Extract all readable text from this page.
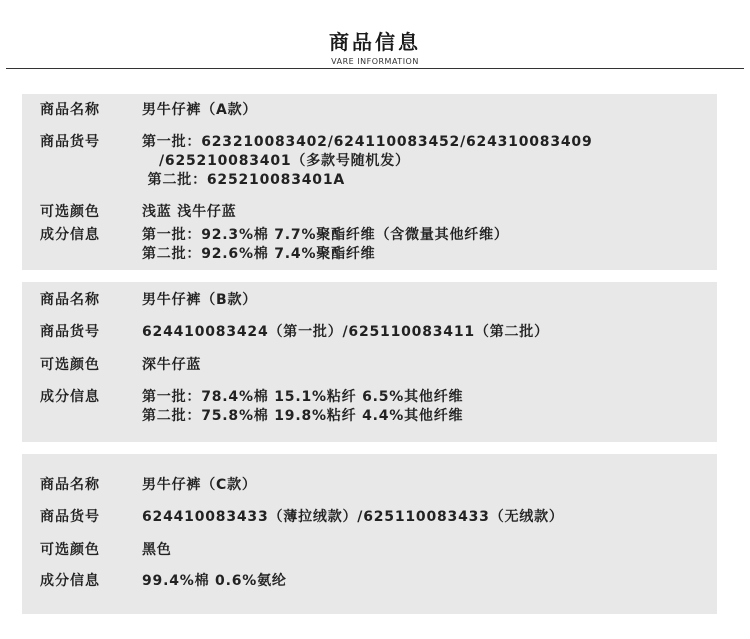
商品信息
VARE INFORMATION
商品名称	男牛仔裤（A款）
商品货号	第一批：623210083402/624110083452/624310083409
/625210083401（多款号随机发）
第二批：625210083401A
可选颜色	浅蓝 浅牛仔蓝
成分信息	第一批：92.3%棉 7.7%聚酯纤维（含微量其他纤维）
第二批：92.6%棉 7.4%聚酯纤维
商品名称	男牛仔裤（B款）
商品货号	624410083424（第一批）/625110083411（第二批）
可选颜色	深牛仔蓝
成分信息	第一批：78.4%棉 15.1%粘纤 6.5%其他纤维
第二批：75.8%棉 19.8%粘纤 4.4%其他纤维
商品名称	男牛仔裤（C款）
商品货号	624410083433（薄拉绒款）/625110083433（无绒款）
可选颜色	黑色
成分信息	99.4%棉 0.6%氨纶
